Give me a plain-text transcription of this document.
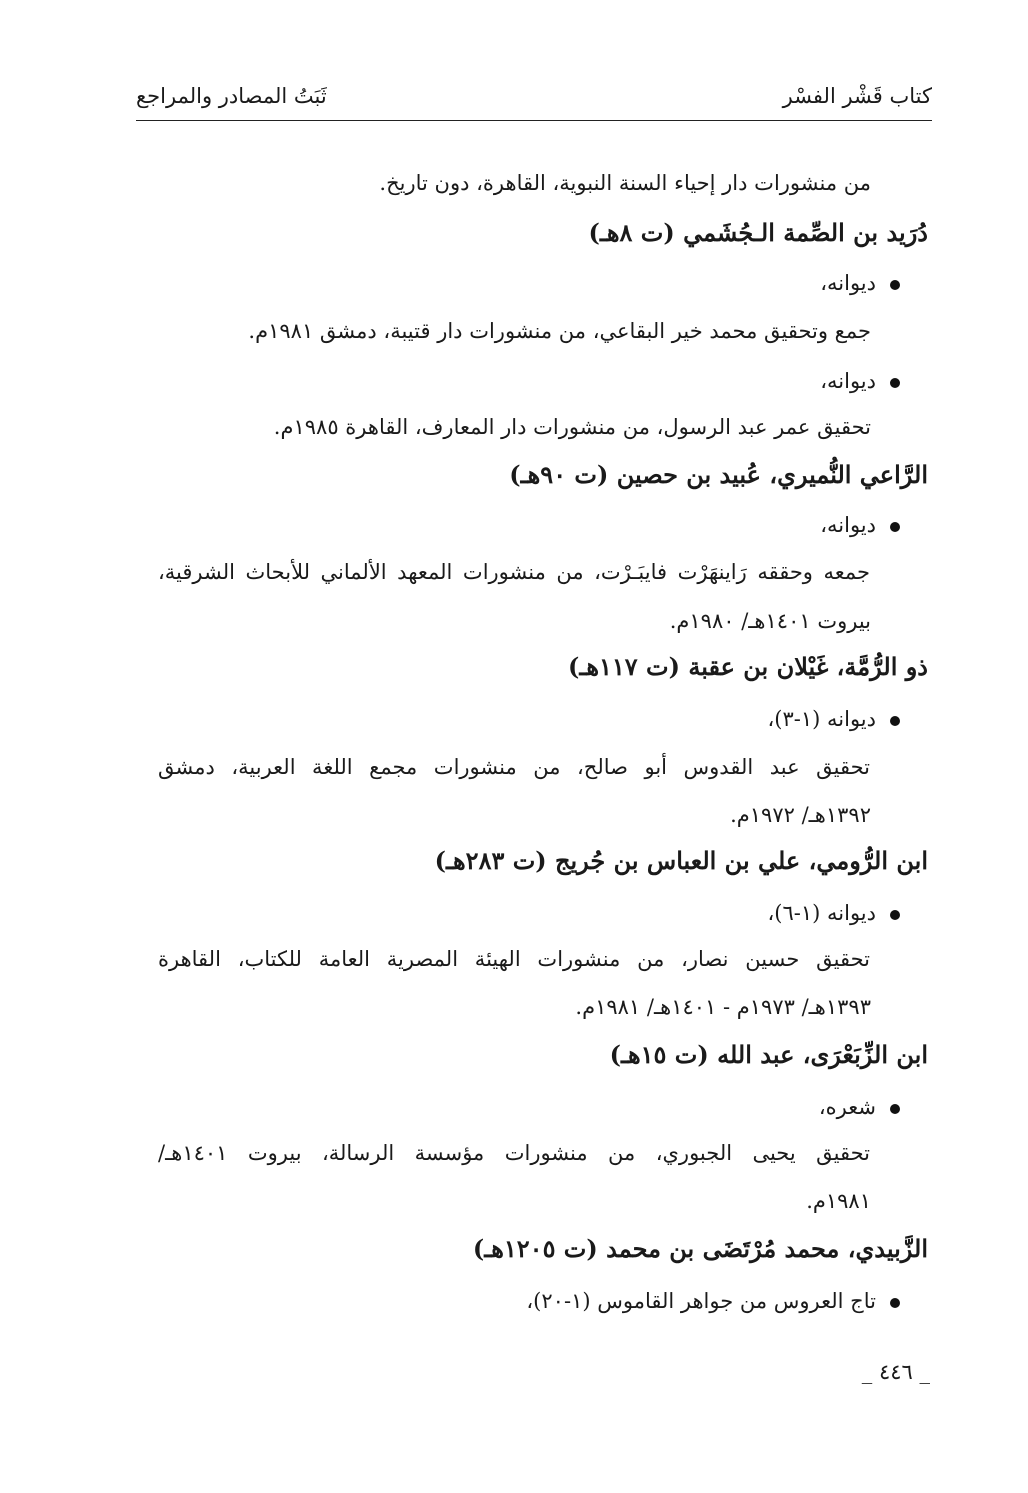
كتاب قَشْر الفسْر
ثَبَتُ المصادر والمراجع
من منشورات دار إحياء السنة النبوية، القاهرة، دون تاريخ.
دُرَيد بن الصِّمة الـجُشَمي (ت ٨هـ)
ديوانه،
جمع وتحقيق محمد خير البقاعي، من منشورات دار قتيبة، دمشق ١٩٨١م.
ديوانه،
تحقيق عمر عبد الرسول، من منشورات دار المعارف، القاهرة ١٩٨٥م.
الرَّاعي النُّميري، عُبيد بن حصين (ت ٩٠هـ)
ديوانه،
جمعه وحققه رَاينهَرْت فايبَـرْت، من منشورات المعهد الألماني للأبحاث الشرقية،
بيروت ١٤٠١هـ/ ١٩٨٠م.
ذو الرُّمَّة، غَيْلان بن عقبة (ت ١١٧هـ)
ديوانه (١-٣)،
تحقيق عبد القدوس أبو صالح، من منشورات مجمع اللغة العربية، دمشق
١٣٩٢هـ/ ١٩٧٢م.
ابن الرُّومي، علي بن العباس بن جُريج (ت ٢٨٣هـ)
ديوانه (١-٦)،
تحقيق حسين نصار، من منشورات الهيئة المصرية العامة للكتاب، القاهرة
١٣٩٣هـ/ ١٩٧٣م - ١٤٠١هـ/ ١٩٨١م.
ابن الزِّبَعْرَى، عبد الله (ت ١٥هـ)
شعره،
تحقيق يحيى الجبوري، من منشورات مؤسسة الرسالة، بيروت ١٤٠١هـ/
١٩٨١م.
الزَّبيدي، محمد مُرْتَضَى بن محمد (ت ١٢٠٥هـ)
تاج العروس من جواهر القاموس (١-٢٠)،
_ ٤٤٦ _
